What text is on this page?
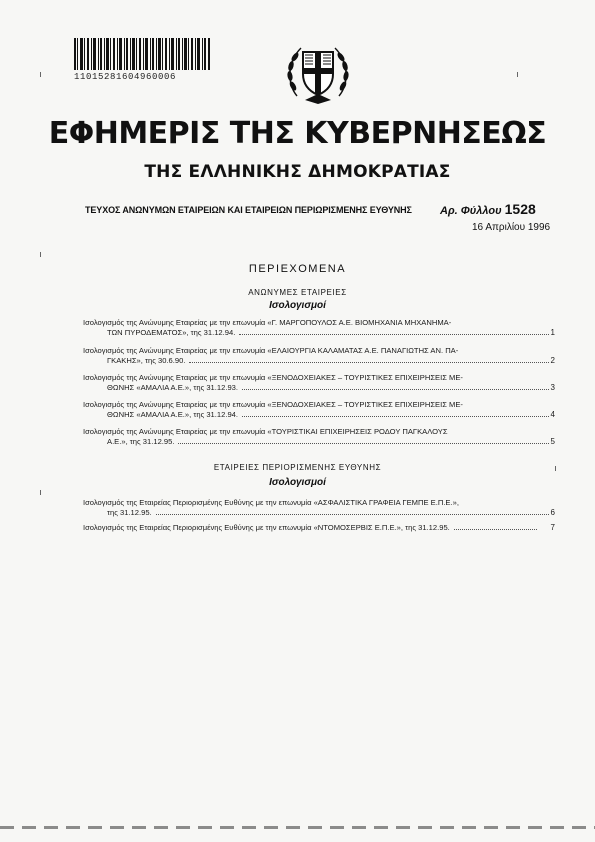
11015281604960006
ΕΦΗΜΕΡΙΣ ΤΗΣ ΚΥΒΕΡΝΗΣΕΩΣ
ΤΗΣ ΕΛΛΗΝΙΚΗΣ ΔΗΜΟΚΡΑΤΙΑΣ
ΤΕΥΧΟΣ ΑΝΩΝΥΜΩΝ ΕΤΑΙΡΕΙΩΝ ΚΑΙ ΕΤΑΙΡΕΙΩΝ ΠΕΡΙΩΡΙΣΜΕΝΗΣ ΕΥΘΥΝΗΣ	Αρ. Φύλλου 1528
16 Απριλίου 1996
ΠΕΡΙΕΧΟΜΕΝΑ
ΑΝΩΝΥΜΕΣ ΕΤΑΙΡΕΙΕΣ
Ισολογισμοί
Ισολογισμός της Ανώνυμης Εταιρείας με την επωνυμία «Γ. ΜΑΡΓΟΠΟΥΛΟΣ Α.Ε. ΒΙΟΜΗΧΑΝΙΑ ΜΗΧΑΝΗΜΑ-
ΤΩΝ ΠΥΡΟΔΕΜΑΤΟΣ», της 31.12.94.	1
Ισολογισμός της Ανώνυμης Εταιρείας με την επωνυμία «ΕΛΑΙΟΥΡΓΙΑ ΚΑΛΑΜΑΤΑΣ Α.Ε. ΠΑΝΑΓΙΩΤΗΣ ΑΝ. ΠΑ-
ΓΚΑΚΗΣ», της 30.6.90.	2
Ισολογισμός της Ανώνυμης Εταιρείας με την επωνυμία «ΞΕΝΟΔΟΧΕΙΑΚΕΣ – ΤΟΥΡΙΣΤΙΚΕΣ ΕΠΙΧΕΙΡΗΣΕΙΣ ΜΕ-
ΘΩΝΗΣ «ΑΜΑΛΙΑ Α.Ε.», της 31.12.93.	3
Ισολογισμός της Ανώνυμης Εταιρείας με την επωνυμία «ΞΕΝΟΔΟΧΕΙΑΚΕΣ – ΤΟΥΡΙΣΤΙΚΕΣ ΕΠΙΧΕΙΡΗΣΕΙΣ ΜΕ-
ΘΩΝΗΣ «ΑΜΑΛΙΑ Α.Ε.», της 31.12.94.	4
Ισολογισμός της Ανώνυμης Εταιρείας με την επωνυμία «ΤΟΥΡΙΣΤΙΚΑΙ ΕΠΙΧΕΙΡΗΣΕΙΣ ΡΟΔΟΥ ΠΑΓΚΑΛΟΥΣ
Α.Ε.», της 31.12.95.	5
ΕΤΑΙΡΕΙΕΣ ΠΕΡΙΟΡΙΣΜΕΝΗΣ ΕΥΘΥΝΗΣ
Ισολογισμοί
Ισολογισμός της Εταιρείας Περιορισμένης Ευθύνης με την επωνυμία «ΑΣΦΑΛΙΣΤΙΚΑ ΓΡΑΦΕΙΑ ΓΕΜΠΕ Ε.Π.Ε.»,
της 31.12.95.	6
Ισολογισμός της Εταιρείας Περιορισμένης Ευθύνης με την επωνυμία «ΝΤΟΜΟΣΕΡΒΙΣ Ε.Π.Ε.», της 31.12.95.	7
